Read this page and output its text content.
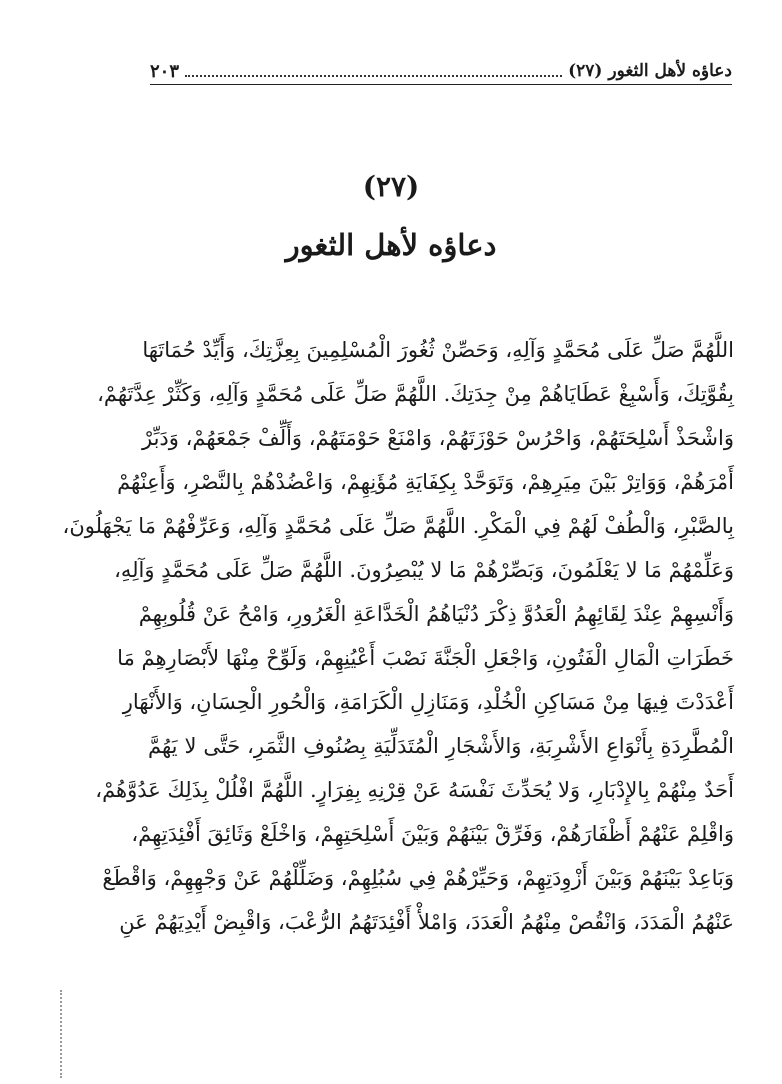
دعاؤه لأهل الثغور (٢٧)
٢٠٣
(٢٧)
دعاؤه لأهل الثغور
اللَّهُمَّ صَلِّ عَلَى مُحَمَّدٍ وَآلِهِ، وَحَصِّنْ ثُغُورَ الْمُسْلِمِينَ بِعِزَّتِكَ، وَأَيِّدْ حُمَاتَهَا
بِقُوَّتِكَ، وَأَسْبِغْ عَطَايَاهُمْ مِنْ جِدَتِكَ. اللَّهُمَّ صَلِّ عَلَى مُحَمَّدٍ وَآلِهِ، وَكَثِّرْ عِدَّتَهُمْ،
وَاشْحَذْ أَسْلِحَتَهُمْ، وَاحْرُسْ حَوْزَتَهُمْ، وَامْنَعْ حَوْمَتَهُمْ، وَأَلِّفْ جَمْعَهُمْ، وَدَبِّرْ
أَمْرَهُمْ، وَوَاتِرْ بَيْنَ مِيَرِهِمْ، وَتَوَحَّدْ بِكِفَايَةِ مُؤَنِهِمْ، وَاعْضُدْهُمْ بِالنَّصْرِ، وَأَعِنْهُمْ
بِالصَّبْرِ، وَالْطُفْ لَهُمْ فِي الْمَكْرِ. اللَّهُمَّ صَلِّ عَلَى مُحَمَّدٍ وَآلِهِ، وَعَرِّفْهُمْ مَا يَجْهَلُونَ،
وَعَلِّمْهُمْ مَا لا يَعْلَمُونَ، وَبَصِّرْهُمْ مَا لا يُبْصِرُونَ. اللَّهُمَّ صَلِّ عَلَى مُحَمَّدٍ وَآلِهِ،
وَأَنْسِهِمْ عِنْدَ لِقَائِهِمُ الْعَدُوَّ ذِكْرَ دُنْيَاهُمُ الْخَدَّاعَةِ الْغَرُورِ، وَامْحُ عَنْ قُلُوبِهِمْ
خَطَرَاتِ الْمَالِ الْفَتُونِ، وَاجْعَلِ الْجَنَّةَ نَصْبَ أَعْيُنِهِمْ، وَلَوِّحْ مِنْهَا لأَبْصَارِهِمْ مَا
أَعْدَدْتَ فِيهَا مِنْ مَسَاكِنِ الْخُلْدِ، وَمَنَازِلِ الْكَرَامَةِ، وَالْحُورِ الْحِسَانِ، وَالأَنْهَارِ
الْمُطَّرِدَةِ بِأَنْوَاعِ الأَشْرِبَةِ، وَالأَشْجَارِ الْمُتَدَلِّيَةِ بِصُنُوفِ الثَّمَرِ، حَتَّى لا يَهُمَّ
أَحَدٌ مِنْهُمْ بِالإِدْبَارِ، وَلا يُحَدِّثَ نَفْسَهُ عَنْ قِرْنِهِ بِفِرَارٍ. اللَّهُمَّ افْلُلْ بِذَلِكَ عَدُوَّهُمْ،
وَاقْلِمْ عَنْهُمْ أَظْفَارَهُمْ، وَفَرِّقْ بَيْنَهُمْ وَبَيْنَ أَسْلِحَتِهِمْ، وَاخْلَعْ وَثَائِقَ أَفْئِدَتِهِمْ،
وَبَاعِدْ بَيْنَهُمْ وَبَيْنَ أَزْوِدَتِهِمْ، وَحَيِّرْهُمْ فِي سُبُلِهِمْ، وَضَلِّلْهُمْ عَنْ وَجْهِهِمْ، وَاقْطَعْ
عَنْهُمُ الْمَدَدَ، وَانْقُصْ مِنْهُمُ الْعَدَدَ، وَامْلأْ أَفْئِدَتَهُمُ الرُّعْبَ، وَاقْبِضْ أَيْدِيَهُمْ عَنِ
